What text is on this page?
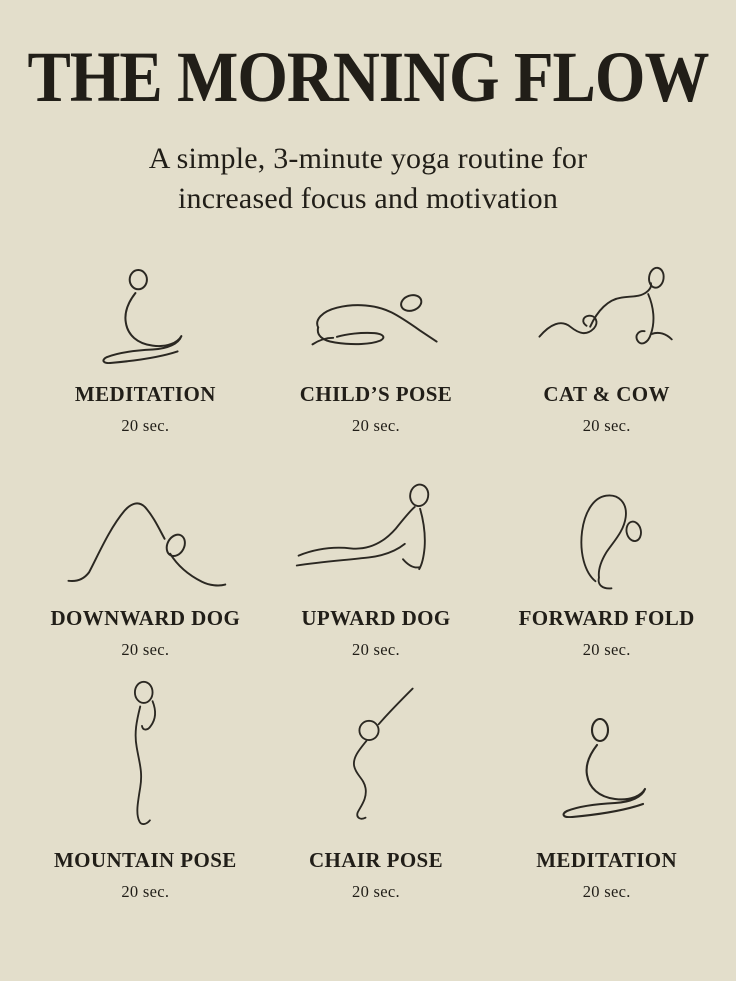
THE MORNING FLOW
A simple, 3-minute yoga routine for
increased focus and motivation
MEDITATION
20 sec.
CHILD’S POSE
20 sec.
CAT & COW
20 sec.
DOWNWARD DOG
20 sec.
UPWARD DOG
20 sec.
FORWARD FOLD
20 sec.
MOUNTAIN POSE
20 sec.
CHAIR POSE
20 sec.
MEDITATION
20 sec.
